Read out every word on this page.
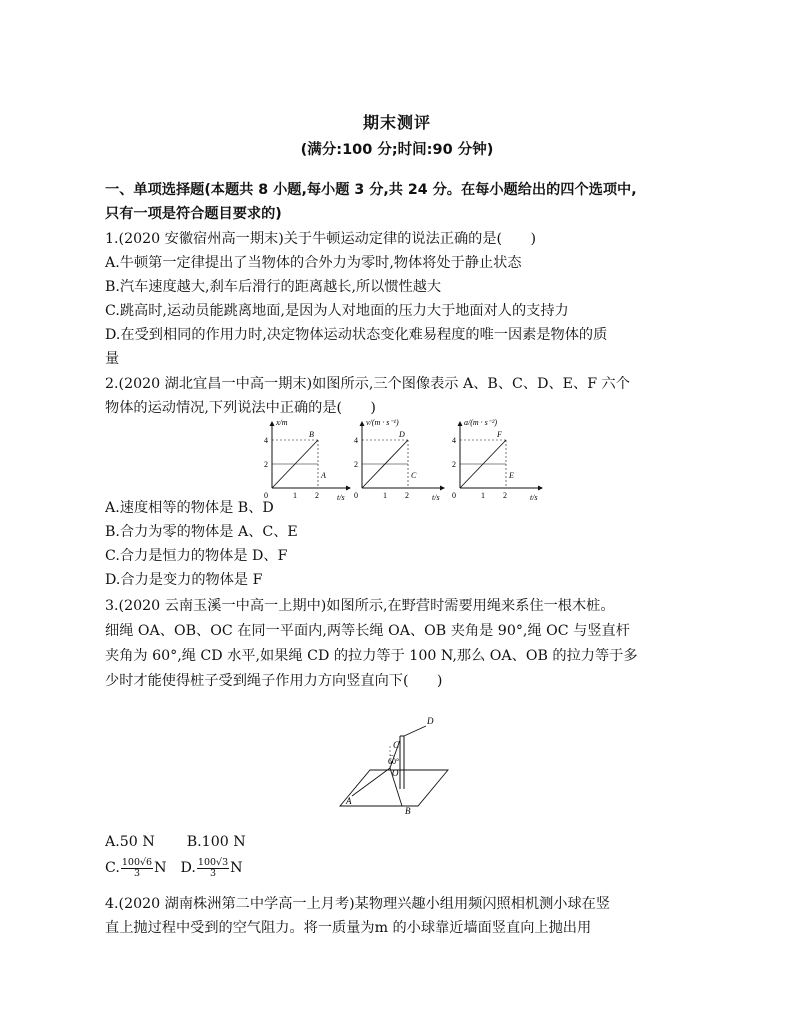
期末测评
(满分:100 分;时间:90 分钟)
一、单项选择题(本题共 8 小题,每小题 3 分,共 24 分。在每小题给出的四个选项中,
只有一项是符合题目要求的)
1.(2020 安徽宿州高一期末)关于牛顿运动定律的说法正确的是(　　)
A.牛顿第一定律提出了当物体的合外力为零时,物体将处于静止状态
B.汽车速度越大,刹车后滑行的距离越长,所以惯性越大
C.跳高时,运动员能跳离地面,是因为人对地面的压力大于地面对人的支持力
D.在受到相同的作用力时,决定物体运动状态变化难易程度的唯一因素是物体的质
量
2.(2020 湖北宜昌一中高一期末)如图所示,三个图像表示 A、B、C、D、E、F 六个
物体的运动情况,下列说法中正确的是(　　)
x/m
t/s
B
A
4
2
0	1 2
v/(m · s⁻¹)
t/s
D
C
4
2
0	1 2
a/(m · s⁻²)
t/s
F
E
4
2
0	1 2
A.速度相等的物体是 B、D
B.合力为零的物体是 A、C、E
C.合力是恒力的物体是 D、F
D.合力是变力的物体是 F
3.(2020 云南玉溪一中高一上期中)如图所示,在野营时需要用绳来系住一根木桩。
细绳 OA、OB、OC 在同一平面内,两等长绳 OA、OB 夹角是 90°,绳 OC 与竖直杆
夹角为 60°,绳 CD 水平,如果绳 CD 的拉力等于 100 N,那么 OA、OB 的拉力等于多
少时才能使得桩子受到绳子作用力方向竖直向下(　　)
D
C
60°
O
A
B
A.50 N B.100 N
C. $\frac{100√6}{3}$ N D. $\frac{100√3}{3}$ N
4.(2020 湖南株洲第二中学高一上月考)某物理兴趣小组用频闪照相机测小球在竖
直上抛过程中受到的空气阻力。将一质量为m 的小球靠近墙面竖直向上抛出用
